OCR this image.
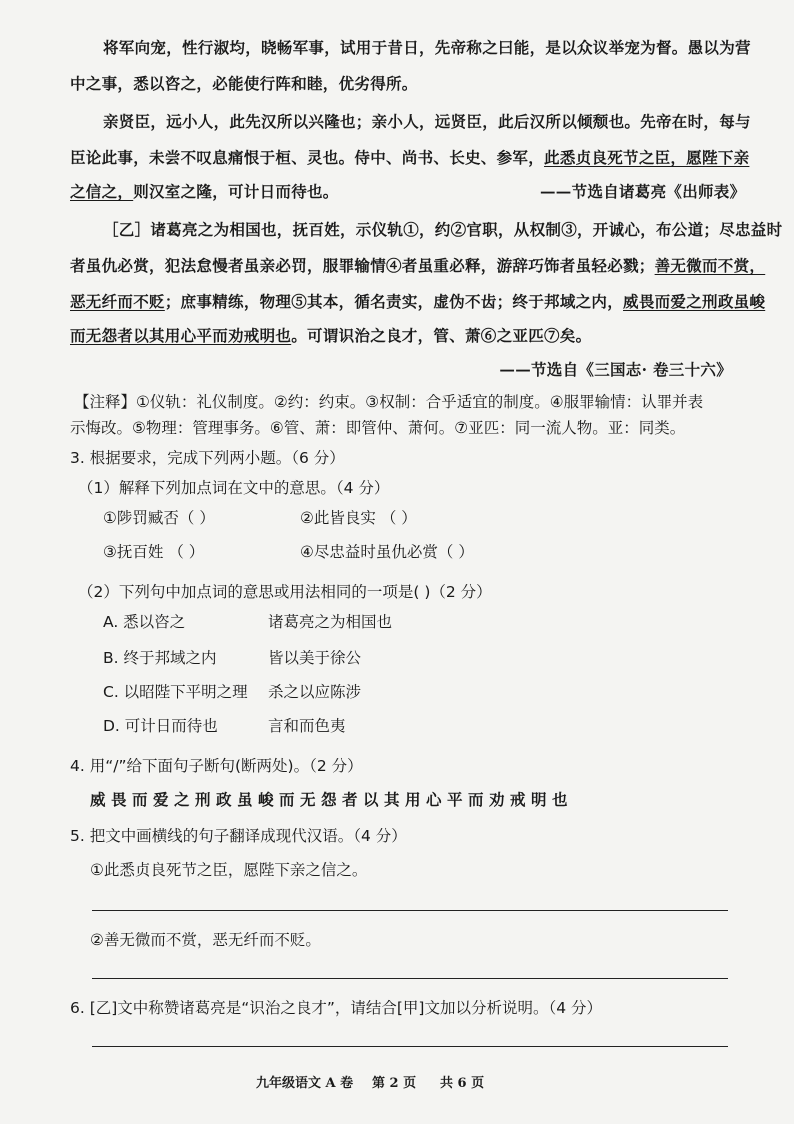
将军向宠，性行淑均，晓畅军事，试用于昔日，先帝称之曰能，是以众议举宠为督。愚以为营
中之事，悉以咨之，必能使行阵和睦，优劣得所。
亲贤臣，远小人，此先汉所以兴隆也；亲小人，远贤臣，此后汉所以倾颓也。先帝在时，每与
臣论此事，未尝不叹息痛恨于桓、灵也。侍中、尚书、长史、参军，此悉贞良死节之臣，愿陛下亲
之信之，则汉室之隆，可计日而待也。	——节选自诸葛亮《出师表》
［乙］诸葛亮之为相国也，抚百姓，示仪轨①，约②官职，从权制③，开诚心，布公道；尽忠益时
者虽仇必赏，犯法怠慢者虽亲必罚，服罪输情④者虽重必释，游辞巧饰者虽轻必戮；善无微而不赏，
恶无纤而不贬；庶事精练，物理⑤其本，循名责实，虚伪不齿；终于邦域之内，威畏而爱之刑政虽峻
而无怨者以其用心平而劝戒明也。可谓识治之良才，管、萧⑥之亚匹⑦矣。
——节选自《三国志· 卷三十六》
【注释】①仪轨：礼仪制度。②约：约束。③权制：合乎适宜的制度。④服罪输情：认罪并表
示悔改。⑤物理：管理事务。⑥管、萧：即管仲、萧何。⑦亚匹：同一流人物。亚：同类。
3. 根据要求，完成下列两小题。（6 分）
（1）解释下列加点词在文中的意思。（4 分）
①陟罚臧否（ ）	②此皆良实 （ ）
③抚百姓 （ ）	④尽忠益时虽仇必赏（ ）
（2）下列句中加点词的意思或用法相同的一项是( )（2 分）
A. 悉以咨之	诸葛亮之为相国也
B. 终于邦域之内	皆以美于徐公
C. 以昭陛下平明之理 杀之以应陈涉
D. 可计日而待也	言和而色夷
4. 用“/”给下面句子断句(断两处)。（2 分）
威畏而爱之刑政虽峻而无怨者以其用心平而劝戒明也
5. 把文中画横线的句子翻译成现代汉语。（4 分）
①此悉贞良死节之臣，愿陛下亲之信之。
②善无微而不赏，恶无纤而不贬。
6. [乙]文中称赞诸葛亮是“识治之良才”，请结合[甲]文加以分析说明。（4 分）
九年级语文 A 卷 第 2 页 共 6 页
